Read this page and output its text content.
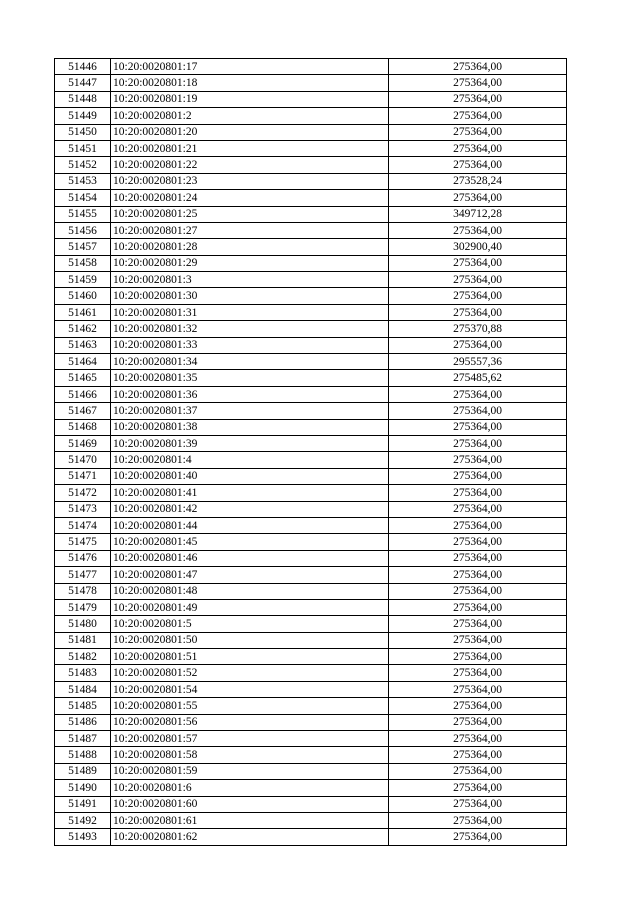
51446	10:20:0020801:17	275364,00
51447	10:20:0020801:18	275364,00
51448	10:20:0020801:19	275364,00
51449	10:20:0020801:2	275364,00
51450	10:20:0020801:20	275364,00
51451	10:20:0020801:21	275364,00
51452	10:20:0020801:22	275364,00
51453	10:20:0020801:23	273528,24
51454	10:20:0020801:24	275364,00
51455	10:20:0020801:25	349712,28
51456	10:20:0020801:27	275364,00
51457	10:20:0020801:28	302900,40
51458	10:20:0020801:29	275364,00
51459	10:20:0020801:3	275364,00
51460	10:20:0020801:30	275364,00
51461	10:20:0020801:31	275364,00
51462	10:20:0020801:32	275370,88
51463	10:20:0020801:33	275364,00
51464	10:20:0020801:34	295557,36
51465	10:20:0020801:35	275485,62
51466	10:20:0020801:36	275364,00
51467	10:20:0020801:37	275364,00
51468	10:20:0020801:38	275364,00
51469	10:20:0020801:39	275364,00
51470	10:20:0020801:4	275364,00
51471	10:20:0020801:40	275364,00
51472	10:20:0020801:41	275364,00
51473	10:20:0020801:42	275364,00
51474	10:20:0020801:44	275364,00
51475	10:20:0020801:45	275364,00
51476	10:20:0020801:46	275364,00
51477	10:20:0020801:47	275364,00
51478	10:20:0020801:48	275364,00
51479	10:20:0020801:49	275364,00
51480	10:20:0020801:5	275364,00
51481	10:20:0020801:50	275364,00
51482	10:20:0020801:51	275364,00
51483	10:20:0020801:52	275364,00
51484	10:20:0020801:54	275364,00
51485	10:20:0020801:55	275364,00
51486	10:20:0020801:56	275364,00
51487	10:20:0020801:57	275364,00
51488	10:20:0020801:58	275364,00
51489	10:20:0020801:59	275364,00
51490	10:20:0020801:6	275364,00
51491	10:20:0020801:60	275364,00
51492	10:20:0020801:61	275364,00
51493	10:20:0020801:62	275364,00
